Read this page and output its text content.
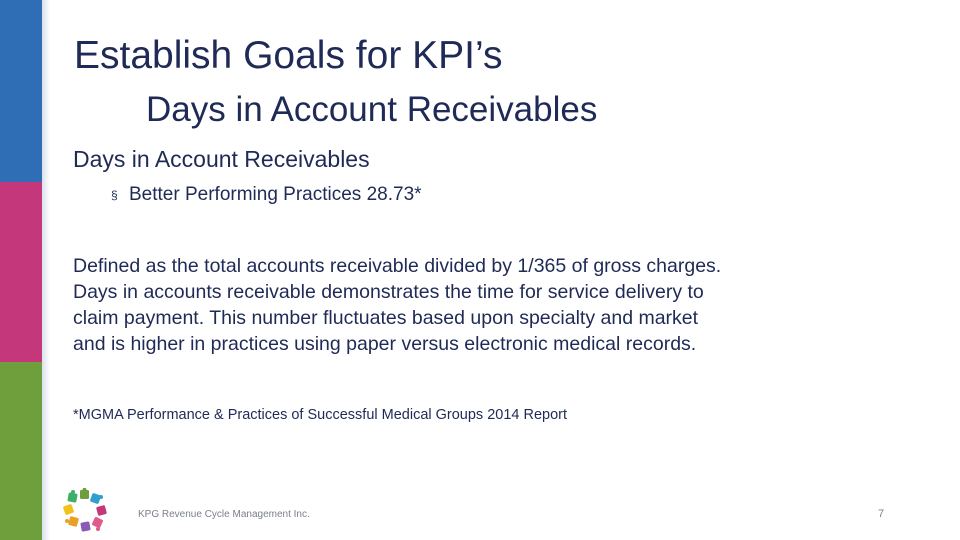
Establish Goals for KPI’s
Days in Account Receivables
Days in Account Receivables
§ Better Performing Practices 28.73*
Defined as the total accounts receivable divided by 1/365 of gross charges.
Days in accounts receivable demonstrates the time for service delivery to
claim payment. This number fluctuates based upon specialty and market
and is higher in practices using paper versus electronic medical records.
*MGMA Performance & Practices of Successful Medical Groups 2014 Report
KPG Revenue Cycle Management Inc.	7
